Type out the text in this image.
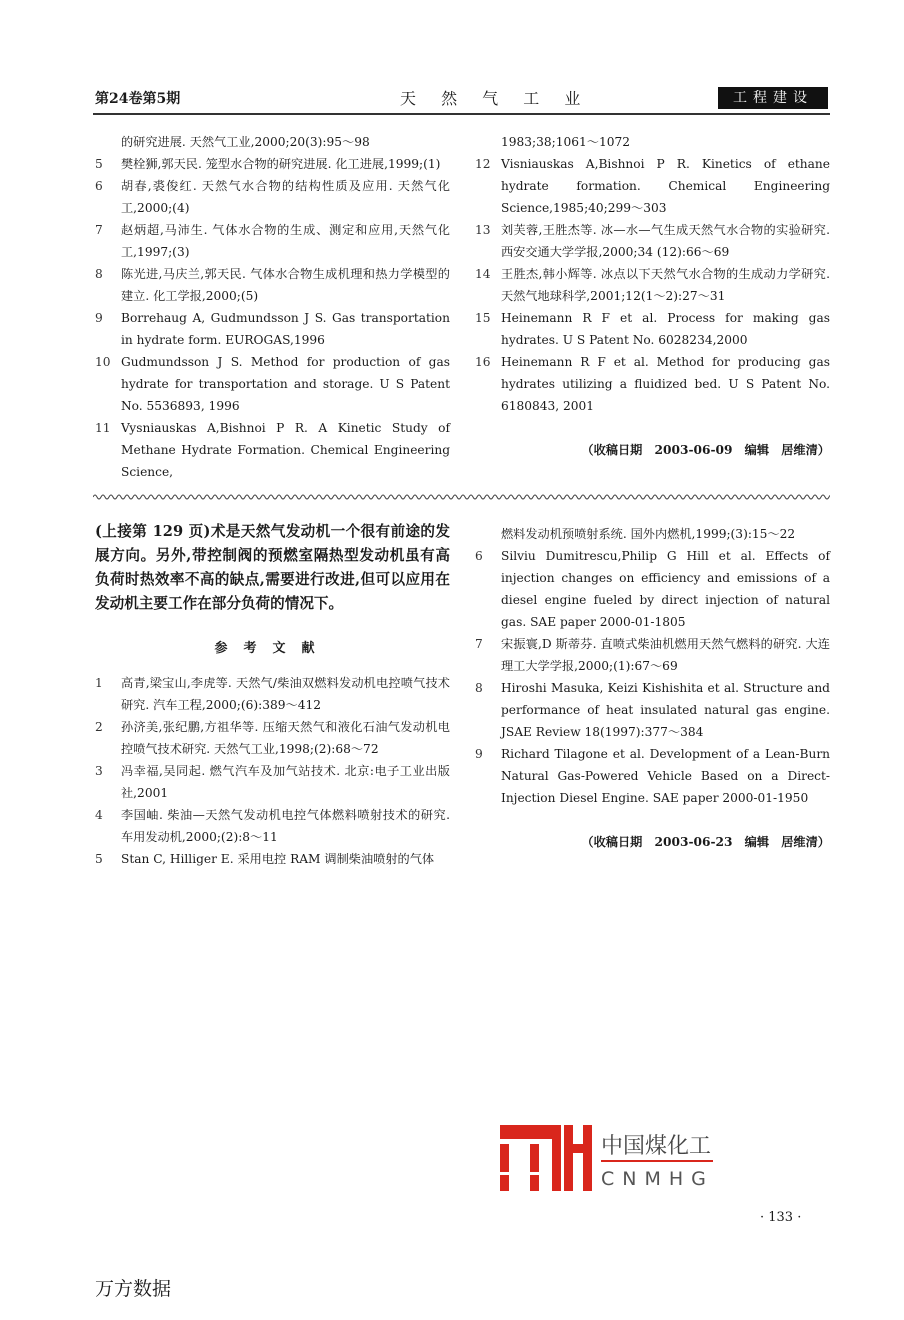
第24卷第5期	天 然 气 工 业	工程建设
的研究进展. 天然气工业,2000;20(3):95～98
5	樊栓狮,郭天民. 笼型水合物的研究进展. 化工进展,1999;(1)
6	胡春,裘俊红. 天然气水合物的结构性质及应用. 天然气化工,2000;(4)
7	赵炳超,马沛生. 气体水合物的生成、测定和应用,天然气化工,1997;(3)
8	陈光进,马庆兰,郭天民. 气体水合物生成机理和热力学模型的建立. 化工学报,2000;(5)
9	Borrehaug A, Gudmundsson J S. Gas transportation in hydrate form. EUROGAS,1996
10 Gudmundsson J S. Method for production of gas hydrate for transportation and storage. U S Patent No. 5536893, 1996
11 Vysniauskas A,Bishnoi P R. A Kinetic Study of Methane Hydrate Formation. Chemical Engineering Science,
1983;38;1061～1072
12 Visniauskas A,Bishnoi P R. Kinetics of ethane hydrate formation. Chemical Engineering Science,1985;40;299～303
13 刘芙蓉,王胜杰等. 冰—水—气生成天然气水合物的实验研究. 西安交通大学学报,2000;34 (12):66～69
14 王胜杰,韩小辉等. 冰点以下天然气水合物的生成动力学研究. 天然气地球科学,2001;12(1～2):27～31
15 Heinemann R F et al. Process for making gas hydrates. U S Patent No. 6028234,2000
16 Heinemann R F et al. Method for producing gas hydrates utilizing a fluidized bed. U S Patent No. 6180843, 2001
（收稿日期　2003-06-09　编辑　居维清）
(上接第 129 页)术是天然气发动机一个很有前途的发展方向。另外,带控制阀的预燃室隔热型发动机虽有高负荷时热效率不高的缺点,需要进行改进,但可以应用在发动机主要工作在部分负荷的情况下。
参考文献
1	高青,梁宝山,李虎等. 天然气/柴油双燃料发动机电控喷气技术研究. 汽车工程,2000;(6):389～412
2	孙济美,张纪鹏,方祖华等. 压缩天然气和液化石油气发动机电控喷气技术研究. 天然气工业,1998;(2):68～72
3	冯幸福,吴同起. 燃气汽车及加气站技术. 北京:电子工业出版社,2001
4	李国岫. 柴油—天然气发动机电控气体燃料喷射技术的研究. 车用发动机,2000;(2):8～11
5	Stan C, Hilliger E. 采用电控 RAM 调制柴油喷射的气体
燃料发动机预喷射系统. 国外内燃机,1999;(3):15～22
6	Silviu Dumitrescu,Philip G Hill et al. Effects of injection changes on efficiency and emissions of a diesel engine fueled by direct injection of natural gas. SAE paper 2000-01-1805
7	宋振寰,D 斯蒂芬. 直喷式柴油机燃用天然气燃料的研究. 大连理工大学学报,2000;(1):67～69
8	Hiroshi Masuka, Keizi Kishishita et al. Structure and performance of heat insulated natural gas engine. JSAE Review 18(1997):377～384
9	Richard Tilagone et al. Development of a Lean-Burn Natural Gas-Powered Vehicle Based on a Direct-Injection Diesel Engine. SAE paper 2000-01-1950
（收稿日期　2003-06-23　编辑　居维清）
中国煤化工
CNMHG
· 133 ·
万方数据
